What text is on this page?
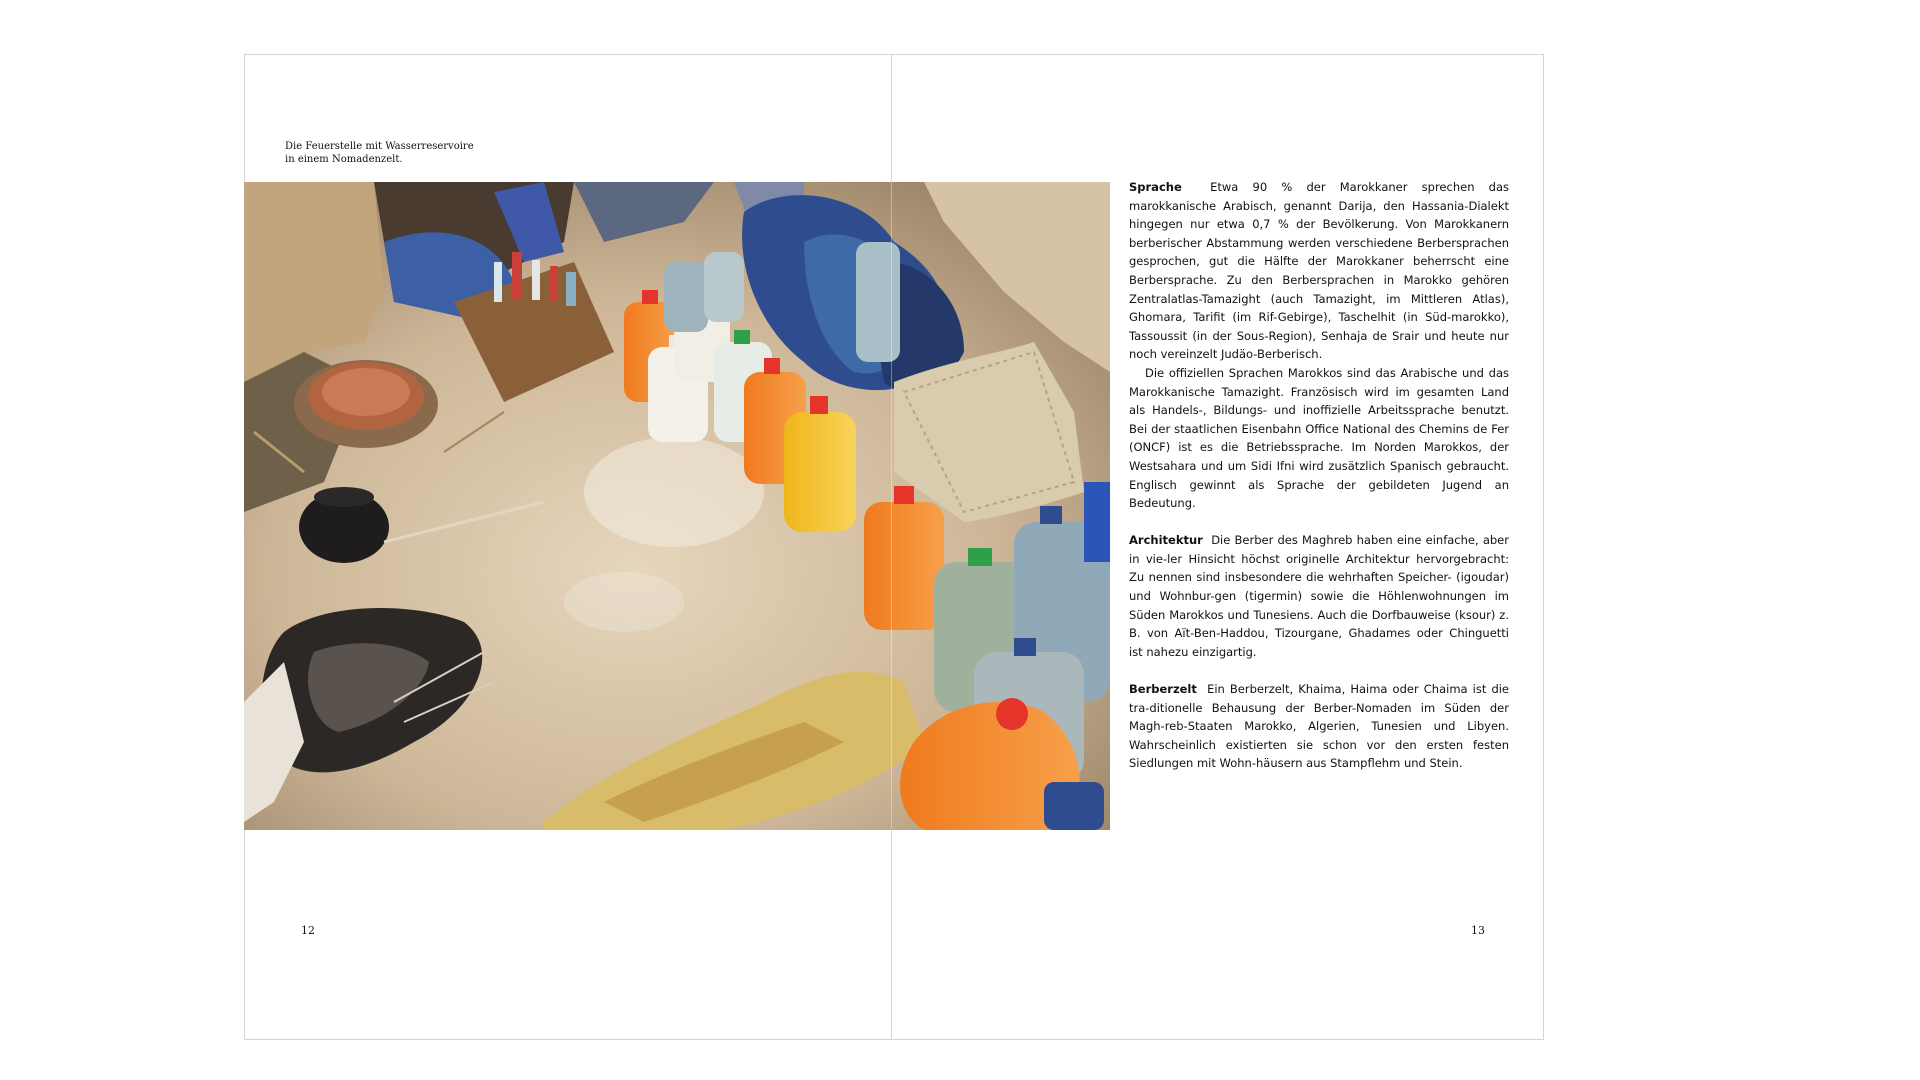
Die Feuerstelle mit Wasserreservoire in einem Nomadenzelt.

Sprache Etwa 90 % der Marokkaner sprechen das marokkanische Arabisch, genannt Darija, den Hassania-Dialekt hingegen nur etwa 0,7 % der Bevölkerung. Von Marokkanern berberischer Abstammung werden verschiedene Berbersprachen gesprochen, gut die Hälfte der Marokkaner beherrscht eine Berbersprache. Zu den Berbersprachen in Marokko gehören Zentralatlas-Tamazight (auch Tamazight, im Mittleren Atlas), Ghomara, Tarifit (im Rif-Gebirge), Taschelhit (in Süd-marokko), Tassoussit (in der Sous-Region), Senhaja de Srair und heute nur noch vereinzelt Judäo-Berberisch.

Die offiziellen Sprachen Marokkos sind das Arabische und das Marokkanische Tamazight. Französisch wird im gesamten Land als Handels-, Bildungs- und inoffizielle Arbeitssprache benutzt. Bei der staatlichen Eisenbahn Office National des Chemins de Fer (ONCF) ist es die Betriebssprache. Im Norden Marokkos, der Westsahara und um Sidi Ifni wird zusätzlich Spanisch gebraucht. Englisch gewinnt als Sprache der gebildeten Jugend an Bedeutung.

Architektur Die Berber des Maghreb haben eine einfache, aber in vie-ler Hinsicht höchst originelle Architektur hervorgebracht: Zu nennen sind insbesondere die wehrhaften Speicher- (igoudar) und Wohnbur-gen (tigermin) sowie die Höhlenwohnungen im Süden Marokkos und Tunesiens. Auch die Dorfbauweise (ksour) z. B. von Aït-Ben-Haddou, Tizourgane, Ghadames oder Chinguetti ist nahezu einzigartig.

Berberzelt Ein Berberzelt, Khaima, Haima oder Chaima ist die tra-ditionelle Behausung der Berber-Nomaden im Süden der Magh-reb-Staaten Marokko, Algerien, Tunesien und Libyen. Wahrscheinlich existierten sie schon vor den ersten festen Siedlungen mit Wohn-häusern aus Stampflehm und Stein.

12	13
